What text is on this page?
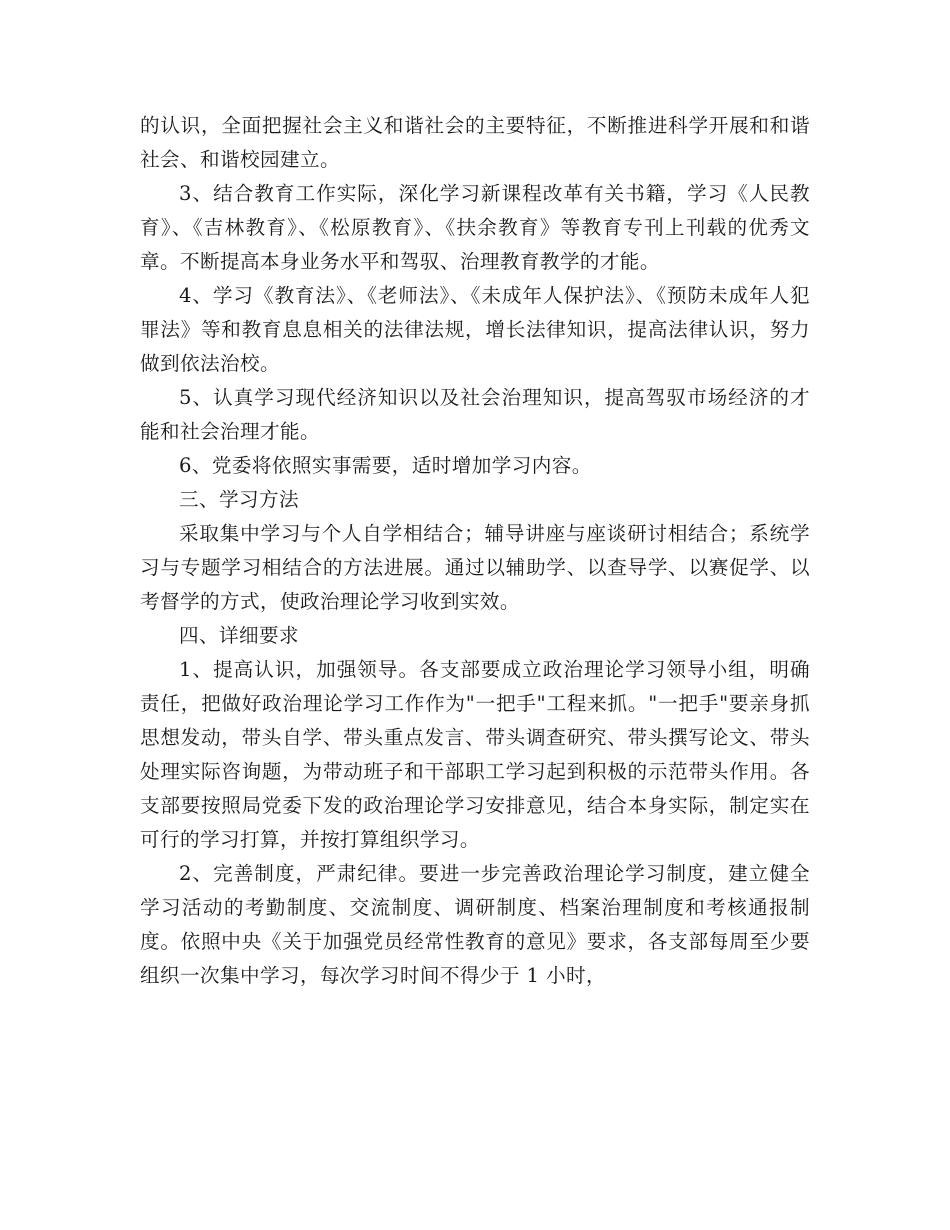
的认识，全面把握社会主义和谐社会的主要特征，不断推进科学开展和和谐社会、和谐校园建立。

3、结合教育工作实际，深化学习新课程改革有关书籍，学习《人民教育》、《吉林教育》、《松原教育》、《扶余教育》等教育专刊上刊载的优秀文章。不断提高本身业务水平和驾驭、治理教育教学的才能。

4、学习《教育法》、《老师法》、《未成年人保护法》、《预防未成年人犯罪法》等和教育息息相关的法律法规，增长法律知识，提高法律认识，努力做到依法治校。

5、认真学习现代经济知识以及社会治理知识，提高驾驭市场经济的才能和社会治理才能。

6、党委将依照实事需要，适时增加学习内容。

三、学习方法

采取集中学习与个人自学相结合；辅导讲座与座谈研讨相结合；系统学习与专题学习相结合的方法进展。通过以辅助学、以查导学、以赛促学、以考督学的方式，使政治理论学习收到实效。

四、详细要求

1、提高认识，加强领导。各支部要成立政治理论学习领导小组，明确责任，把做好政治理论学习工作作为"一把手"工程来抓。"一把手"要亲身抓思想发动，带头自学、带头重点发言、带头调查研究、带头撰写论文、带头处理实际咨询题，为带动班子和干部职工学习起到积极的示范带头作用。各支部要按照局党委下发的政治理论学习安排意见，结合本身实际，制定实在可行的学习打算，并按打算组织学习。

2、完善制度，严肃纪律。要进一步完善政治理论学习制度，建立健全学习活动的考勤制度、交流制度、调研制度、档案治理制度和考核通报制度。依照中央《关于加强党员经常性教育的意见》要求，各支部每周至少要组织一次集中学习，每次学习时间不得少于 1 小时，
